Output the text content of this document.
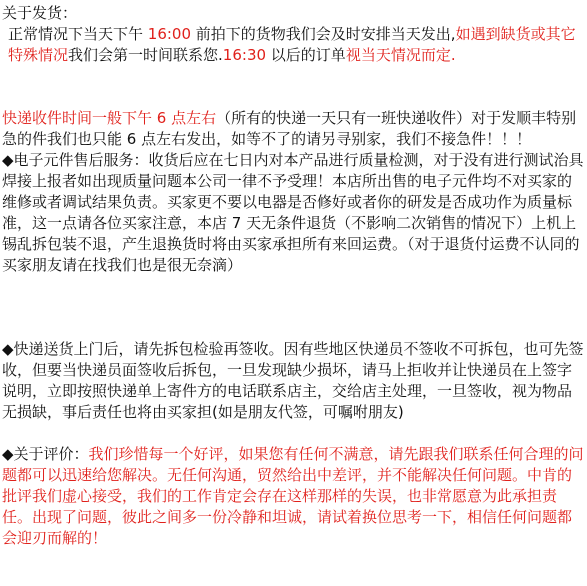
关于发货：
正常情况下当天下午 16:00 前拍下的货物我们会及时安排当天发出,如遇到缺货或其它特殊情况我们会第一时间联系您.16:30 以后的订单视当天情况而定.
快递收件时间一般下午 6 点左右（所有的快递一天只有一班快递收件）对于发顺丰特别急的件我们也只能 6 点左右发出，如等不了的请另寻别家，我们不接急件！！！
◆电子元件售后服务：收货后应在七日内对本产品进行质量检测，对于没有进行测试治具焊接上报者如出现质量问题本公司一律不予受理！本店所出售的电子元件均不对买家的维修或者调试结果负责。买家更不要以电器是否修好或者你的研发是否成功作为质量标准，这一点请各位买家注意，本店 7 天无条件退货（不影响二次销售的情况下）上机上锡乱拆包装不退，产生退换货时将由买家承担所有来回运费。（对于退货付运费不认同的买家朋友请在找我们也是很无奈滴）
◆快递送货上门后，请先拆包检验再签收。因有些地区快递员不签收不可拆包，也可先签收，但要当快递员面签收后拆包，一旦发现缺少损坏，请马上拒收并让快递员在上签字说明，立即按照快递单上寄件方的电话联系店主，交给店主处理，一旦签收，视为物品无损缺，事后责任也将由买家担(如是朋友代签，可嘱咐朋友)
◆关于评价：我们珍惜每一个好评，如果您有任何不满意，请先跟我们联系任何合理的问题都可以迅速给您解决。无任何沟通，贸然给出中差评，并不能解决任何问题。中肯的批评我们虚心接受，我们的工作肯定会存在这样那样的失误，也非常愿意为此承担责任。出现了问题，彼此之间多一份冷静和坦诚，请试着换位思考一下，相信任何问题都会迎刃而解的！
